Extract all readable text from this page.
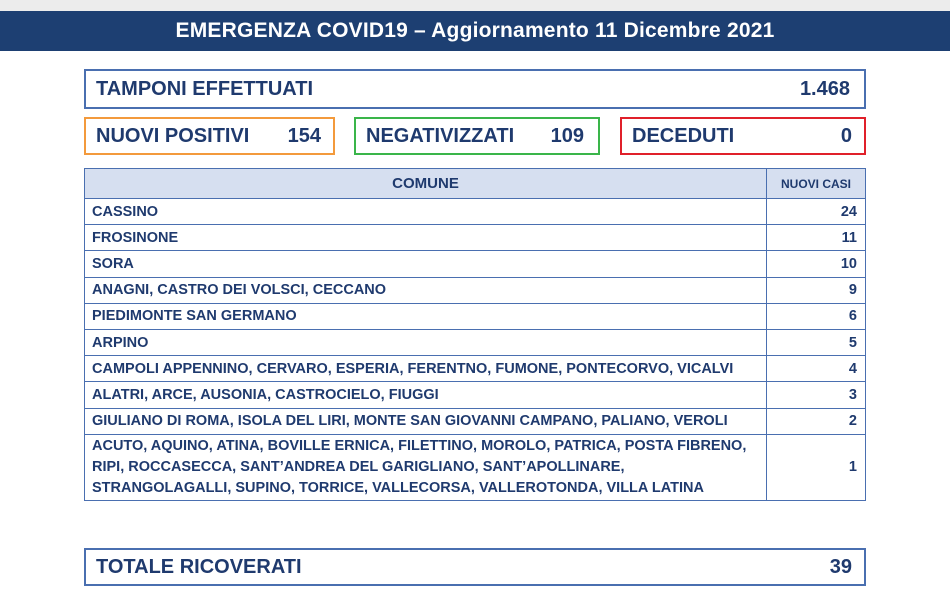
EMERGENZA COVID19 – Aggiornamento 11 Dicembre 2021
TAMPONI EFFETTUATI	1.468
NUOVI POSITIVI 154 NEGATIVIZZATI 109 DECEDUTI	0
COMUNE	NUOVI CASI
CASSINO	24
FROSINONE	11
SORA	10
ANAGNI, CASTRO DEI VOLSCI, CECCANO	9
PIEDIMONTE SAN GERMANO	6
ARPINO	5
CAMPOLI APPENNINO, CERVARO, ESPERIA, FERENTNO, FUMONE, PONTECORVO, VICALVI	4
ALATRI, ARCE, AUSONIA, CASTROCIELO, FIUGGI	3
GIULIANO DI ROMA, ISOLA DEL LIRI, MONTE SAN GIOVANNI CAMPANO, PALIANO, VEROLI	2
ACUTO, AQUINO, ATINA, BOVILLE ERNICA, FILETTINO, MOROLO, PATRICA, POSTA FIBRENO, RIPI, ROCCASECCA, SANT’ANDREA DEL GARIGLIANO, SANT’APOLLINARE, STRANGOLAGALLI, SUPINO, TORRICE, VALLECORSA, VALLEROTONDA, VILLA LATINA	1
TOTALE RICOVERATI	39
